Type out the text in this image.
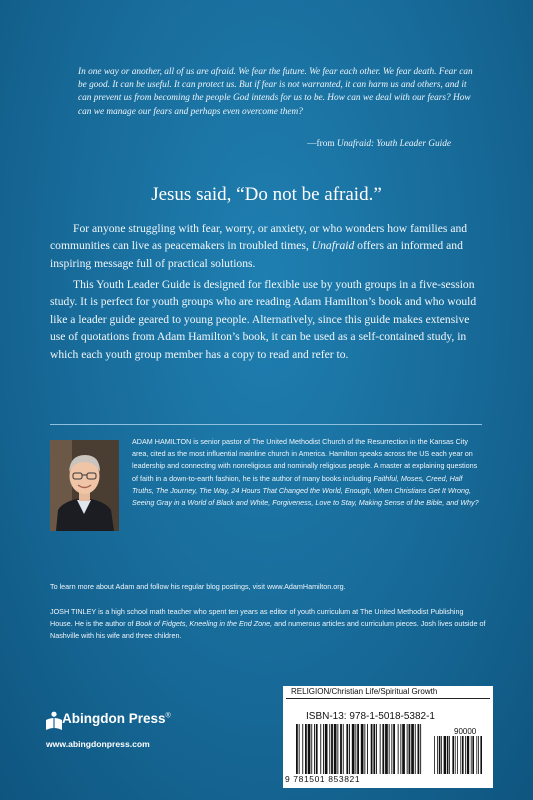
In one way or another, all of us are afraid. We fear the future. We fear each other. We fear death. Fear can be good. It can be useful. It can protect us. But if fear is not warranted, it can harm us and others, and it can prevent us from becoming the people God intends for us to be. How can we deal with our fears? How can we manage our fears and perhaps even overcome them?
—from Unafraid: Youth Leader Guide
Jesus said, “Do not be afraid.”

For anyone struggling with fear, worry, or anxiety, or who wonders how families and communities can live as peacemakers in troubled times, Unafraid offers an informed and inspiring message full of practical solutions.

This Youth Leader Guide is designed for flexible use by youth groups in a five-session study. It is perfect for youth groups who are reading Adam Hamilton’s book and who would like a leader guide geared to young people. Alternatively, since this guide makes extensive use of quotations from Adam Hamilton’s book, it can be used as a self-contained study, in which each youth group member has a copy to read and refer to.

ADAM HAMILTON is senior pastor of The United Methodist Church of the Resurrection in the Kansas City area, cited as the most influential mainline church in America. Hamilton speaks across the US each year on leadership and connecting with nonreligious and nominally religious people. A master at explaining questions of faith in a down-to-earth fashion, he is the author of many books including Faithful, Moses, Creed, Half Truths, The Journey, The Way, 24 Hours That Changed the World, Enough, When Christians Get It Wrong, Seeing Gray in a World of Black and White, Forgiveness, Love to Stay, Making Sense of the Bible, and Why?

To learn more about Adam and follow his regular blog postings, visit www.AdamHamilton.org.

JOSH TINLEY is a high school math teacher who spent ten years as editor of youth curriculum at The United Methodist Publishing House. He is the author of Book of Fidgets, Kneeling in the End Zone, and numerous articles and curriculum pieces. Josh lives outside of Nashville with his wife and three children.

Abingdon Press®
www.abingdonpress.com
RELIGION/Christian Life/Spiritual Growth
ISBN-13: 978-1-5018-5382-1
90000
9 781501 853821
